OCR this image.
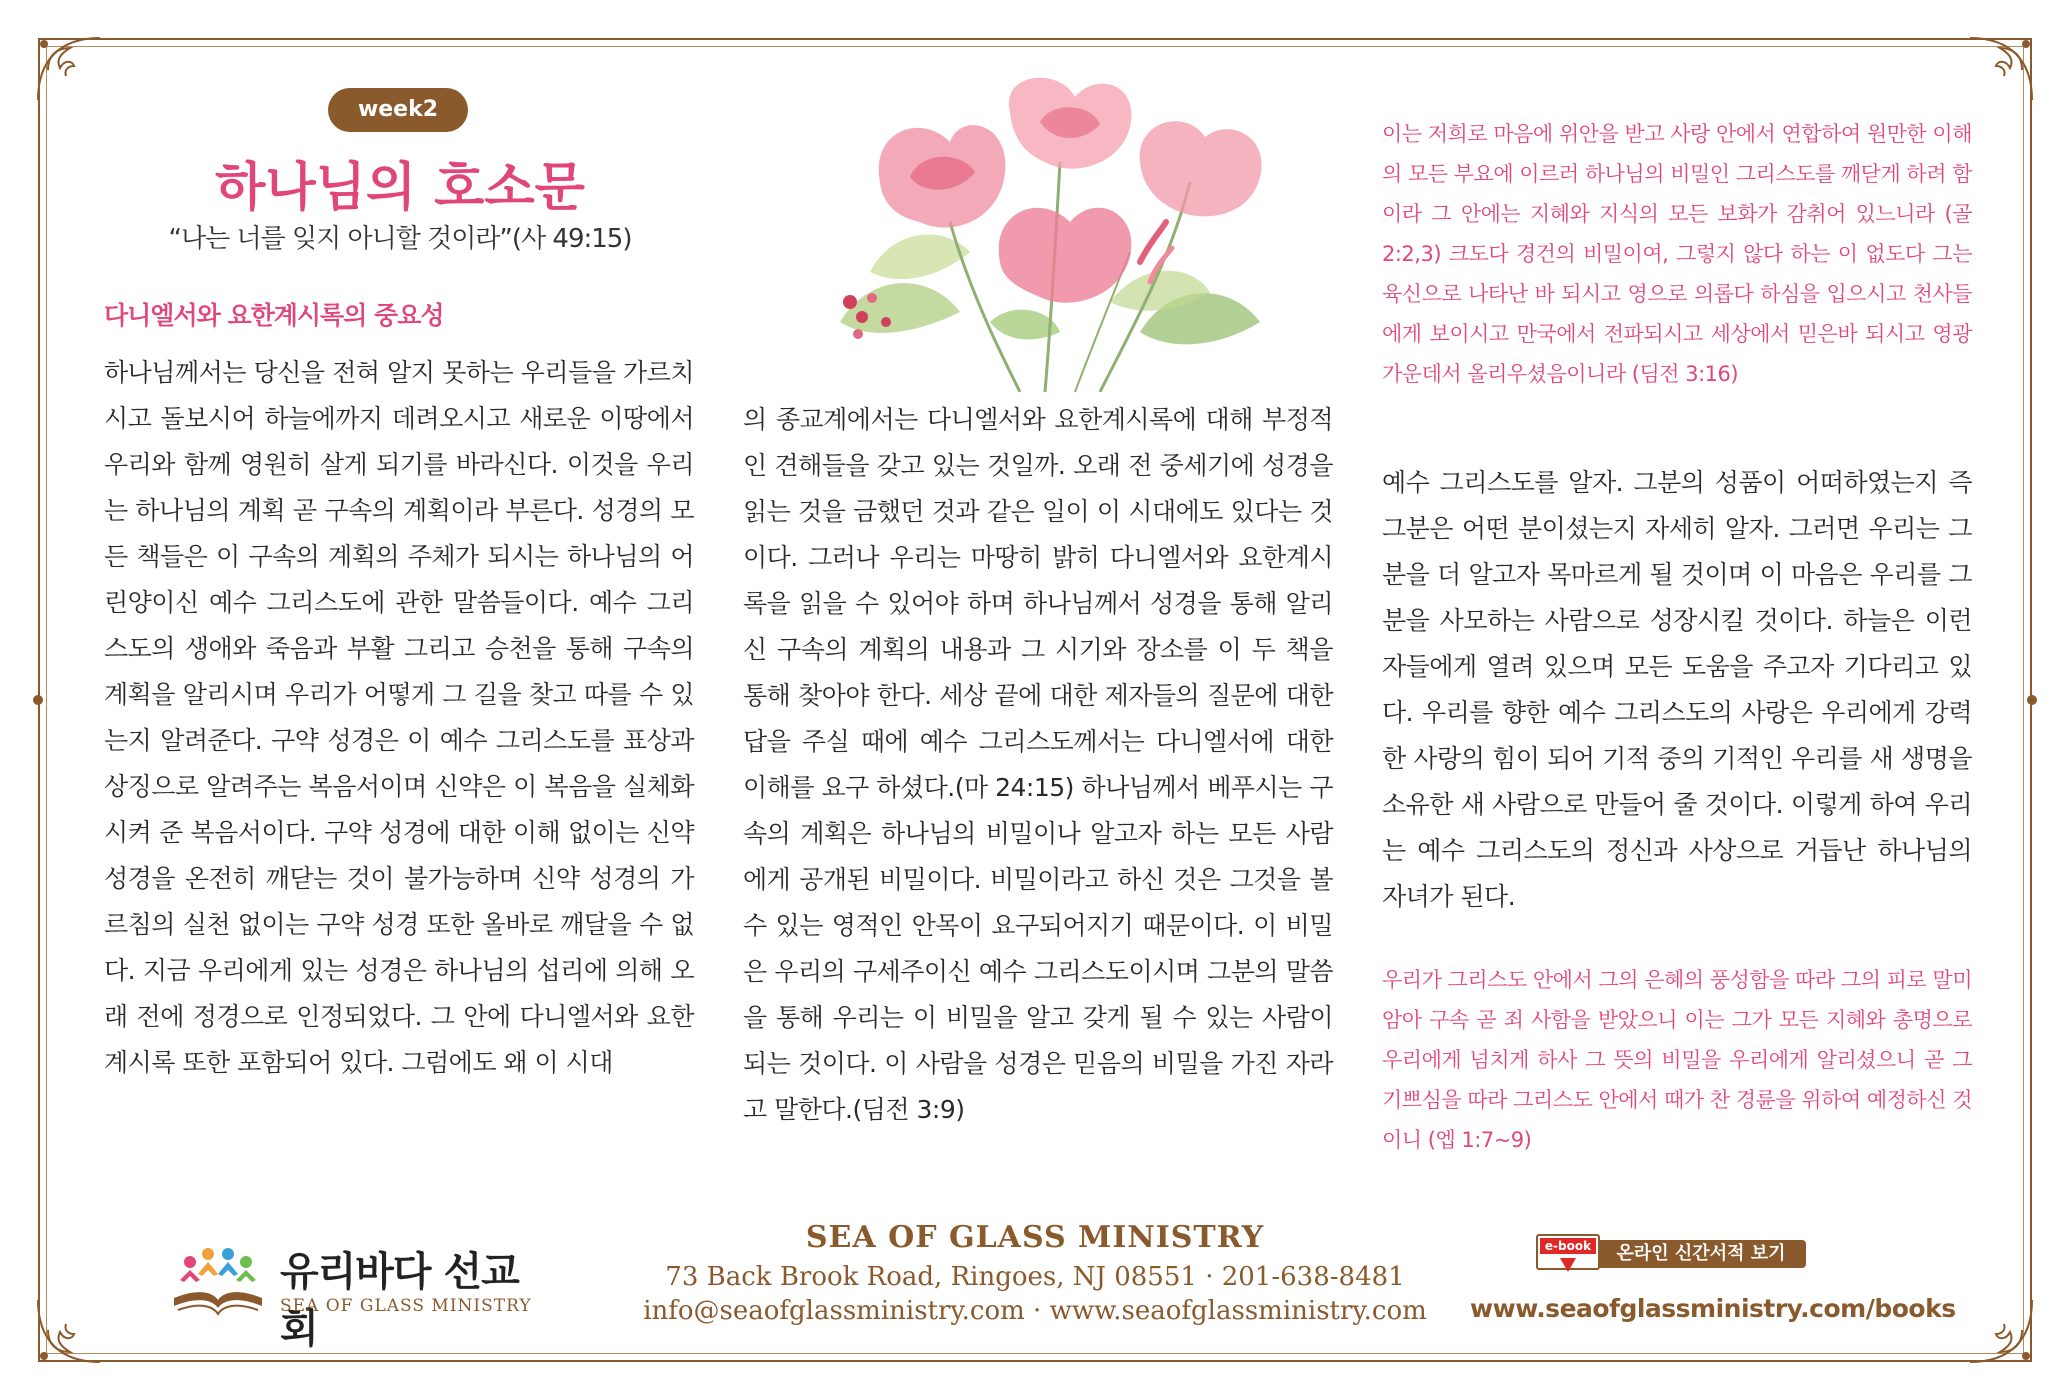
week2
하나님의 호소문

“나는 너를 잊지 아니할 것이라”(사 49:15)

다니엘서와 요한계시록의 중요성

하나님께서는 당신을 전혀 알지 못하는 우리들을 가르치시고 돌보시어 하늘에까지 데려오시고 새로운 이땅에서 우리와 함께 영원히 살게 되기를 바라신다. 이것을 우리는 하나님의 계획 곧 구속의 계획이라 부른다. 성경의 모든 책들은 이 구속의 계획의 주체가 되시는 하나님의 어린양이신 예수 그리스도에 관한 말씀들이다. 예수 그리스도의 생애와 죽음과 부활 그리고 승천을 통해 구속의 계획을 알리시며 우리가 어떻게 그 길을 찾고 따를 수 있는지 알려준다. 구약 성경은 이 예수 그리스도를 표상과 상징으로 알려주는 복음서이며 신약은 이 복음을 실체화시켜 준 복음서이다. 구약 성경에 대한 이해 없이는 신약 성경을 온전히 깨닫는 것이 불가능하며 신약 성경의 가르침의 실천 없이는 구약 성경 또한 올바로 깨달을 수 없다. 지금 우리에게 있는 성경은 하나님의 섭리에 의해 오래 전에 정경으로 인정되었다. 그 안에 다니엘서와 요한계시록 또한 포함되어 있다. 그럼에도 왜 이 시대

의 종교계에서는 다니엘서와 요한계시록에 대해 부정적인 견해들을 갖고 있는 것일까. 오래 전 중세기에 성경을 읽는 것을 금했던 것과 같은 일이 이 시대에도 있다는 것이다. 그러나 우리는 마땅히 밝히 다니엘서와 요한계시록을 읽을 수 있어야 하며 하나님께서 성경을 통해 알리신 구속의 계획의 내용과 그 시기와 장소를 이 두 책을 통해 찾아야 한다. 세상 끝에 대한 제자들의 질문에 대한 답을 주실 때에 예수 그리스도께서는 다니엘서에 대한 이해를 요구 하셨다.(마 24:15) 하나님께서 베푸시는 구속의 계획은 하나님의 비밀이나 알고자 하는 모든 사람에게 공개된 비밀이다. 비밀이라고 하신 것은 그것을 볼 수 있는 영적인 안목이 요구되어지기 때문이다. 이 비밀은 우리의 구세주이신 예수 그리스도이시며 그분의 말씀을 통해 우리는 이 비밀을 알고 갖게 될 수 있는 사람이 되는 것이다. 이 사람을 성경은 믿음의 비밀을 가진 자라고 말한다.(딤전 3:9)

이는 저희로 마음에 위안을 받고 사랑 안에서 연합하여 원만한 이해의 모든 부요에 이르러 하나님의 비밀인 그리스도를 깨닫게 하려 함이라 그 안에는 지혜와 지식의 모든 보화가 감취어 있느니라 (골 2:2,3) 크도다 경건의 비밀이여, 그렇지 않다 하는 이 없도다 그는 육신으로 나타난 바 되시고 영으로 의롭다 하심을 입으시고 천사들에게 보이시고 만국에서 전파되시고 세상에서 믿은바 되시고 영광 가운데서 올리우셨음이니라 (딤전 3:16)

예수 그리스도를 알자. 그분의 성품이 어떠하였는지 즉 그분은 어떤 분이셨는지 자세히 알자. 그러면 우리는 그분을 더 알고자 목마르게 될 것이며 이 마음은 우리를 그분을 사모하는 사람으로 성장시킬 것이다. 하늘은 이런 자들에게 열려 있으며 모든 도움을 주고자 기다리고 있다. 우리를 향한 예수 그리스도의 사랑은 우리에게 강력한 사랑의 힘이 되어 기적 중의 기적인 우리를 새 생명을 소유한 새 사람으로 만들어 줄 것이다. 이렇게 하여 우리는 예수 그리스도의 정신과 사상으로 거듭난 하나님의 자녀가 된다.

우리가 그리스도 안에서 그의 은혜의 풍성함을 따라 그의 피로 말미암아 구속 곧 죄 사함을 받았으니 이는 그가 모든 지혜와 총명으로 우리에게 넘치게 하사 그 뜻의 비밀을 우리에게 알리셨으니 곧 그 기쁘심을 따라 그리스도 안에서 때가 찬 경륜을 위하여 예정하신 것이니 (엡 1:7~9)

유리바다 선교회

SEA OF GLASS MINISTRY

SEA OF GLASS MINISTRY

73 Back Brook Road, Ringoes, NJ 08551 · 201-638-8481

info@seaofglassministry.com · www.seaofglassministry.com

온라인 신간서적 보기
e-book
www.seaofglassministry.com/books
